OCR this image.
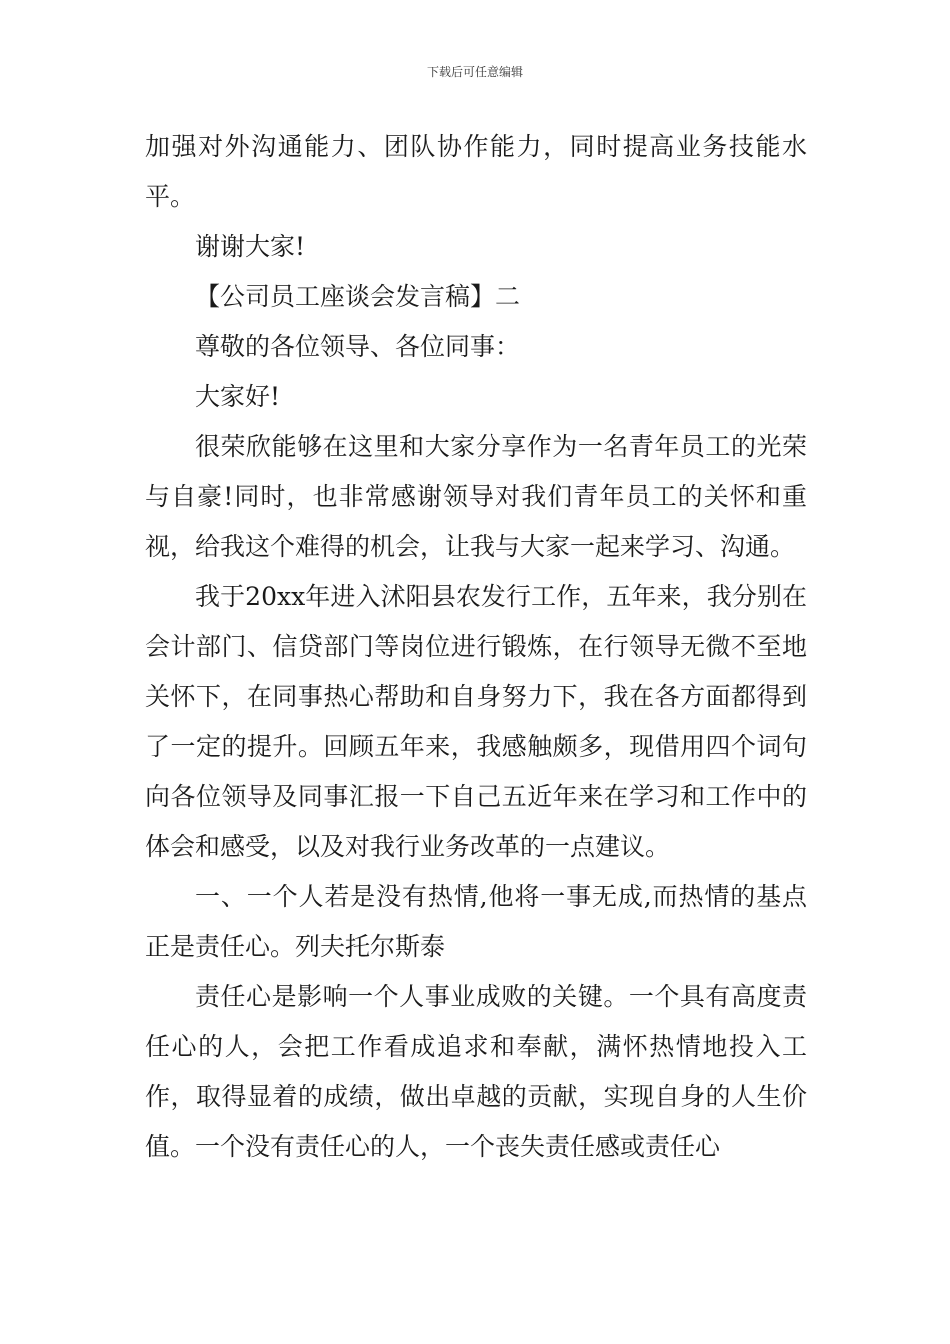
下载后可任意编辑

加强对外沟通能力、团队协作能力，同时提高业务技能水平。

谢谢大家!

【公司员工座谈会发言稿】二

尊敬的各位领导、各位同事：

大家好!

很荣欣能够在这里和大家分享作为一名青年员工的光荣与自豪!同时，也非常感谢领导对我们青年员工的关怀和重视，给我这个难得的机会，让我与大家一起来学习、沟通。

我于20xx年进入沭阳县农发行工作，五年来，我分别在会计部门、信贷部门等岗位进行锻炼，在行领导无微不至地关怀下，在同事热心帮助和自身努力下，我在各方面都得到了一定的提升。回顾五年来，我感触颇多，现借用四个词句向各位领导及同事汇报一下自己五近年来在学习和工作中的体会和感受，以及对我行业务改革的一点建议。

一、一个人若是没有热情,他将一事无成,而热情的基点正是责任心。列夫托尔斯泰

责任心是影响一个人事业成败的关键。一个具有高度责任心的人，会把工作看成追求和奉献，满怀热情地投入工作，取得显着的成绩，做出卓越的贡献，实现自身的人生价值。一个没有责任心的人，一个丧失责任感或责任心
